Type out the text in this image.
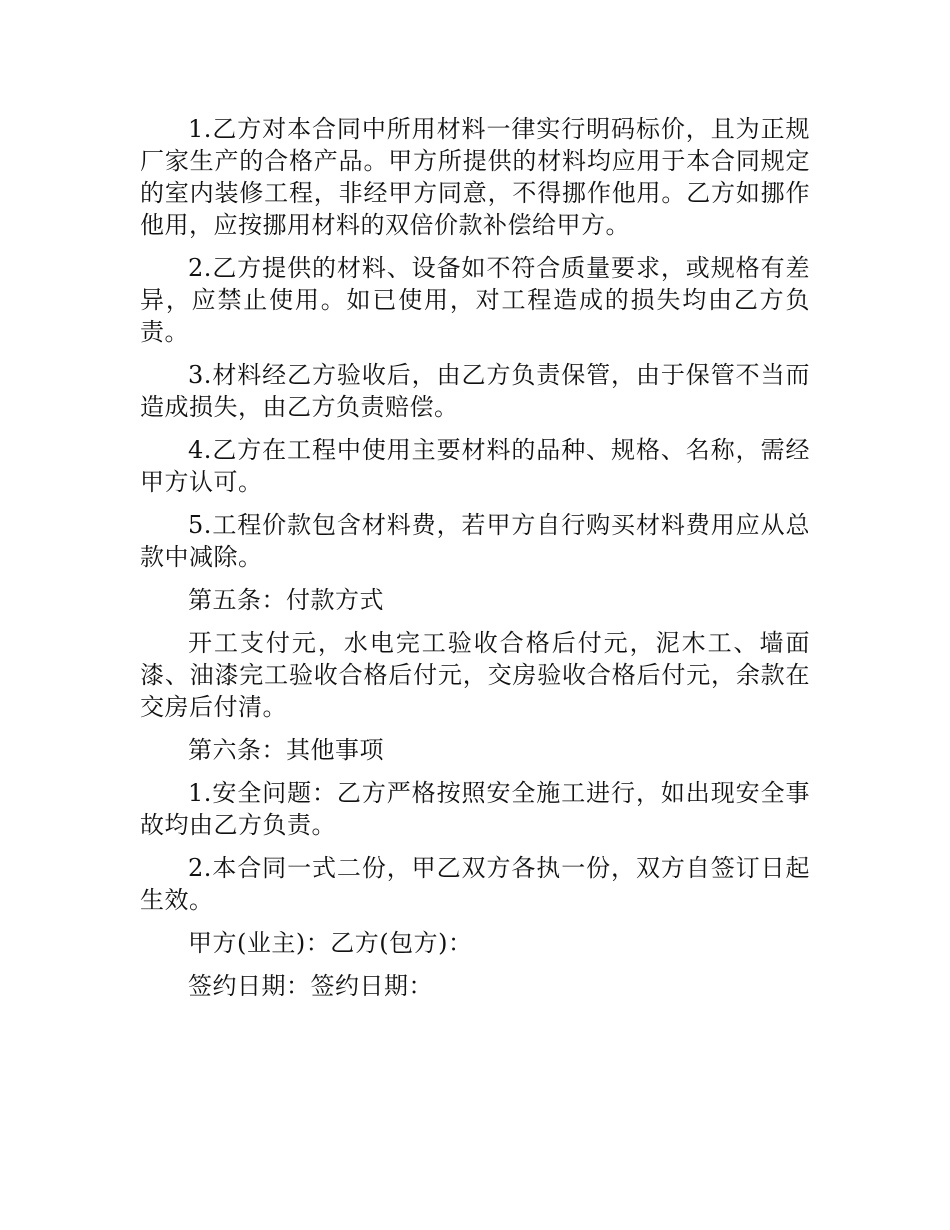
1.乙方对本合同中所用材料一律实行明码标价，且为正规厂家生产的合格产品。甲方所提供的材料均应用于本合同规定的室内装修工程，非经甲方同意，不得挪作他用。乙方如挪作他用，应按挪用材料的双倍价款补偿给甲方。

2.乙方提供的材料、设备如不符合质量要求，或规格有差异，应禁止使用。如已使用，对工程造成的损失均由乙方负责。

3.材料经乙方验收后，由乙方负责保管，由于保管不当而造成损失，由乙方负责赔偿。

4.乙方在工程中使用主要材料的品种、规格、名称，需经甲方认可。

5.工程价款包含材料费，若甲方自行购买材料费用应从总款中减除。

第五条：付款方式

开工支付元，水电完工验收合格后付元，泥木工、墙面漆、油漆完工验收合格后付元，交房验收合格后付元，余款在交房后付清。

第六条：其他事项

1.安全问题：乙方严格按照安全施工进行，如出现安全事故均由乙方负责。

2.本合同一式二份，甲乙双方各执一份，双方自签订日起生效。

甲方(业主)：乙方(包方)：

签约日期：签约日期：
